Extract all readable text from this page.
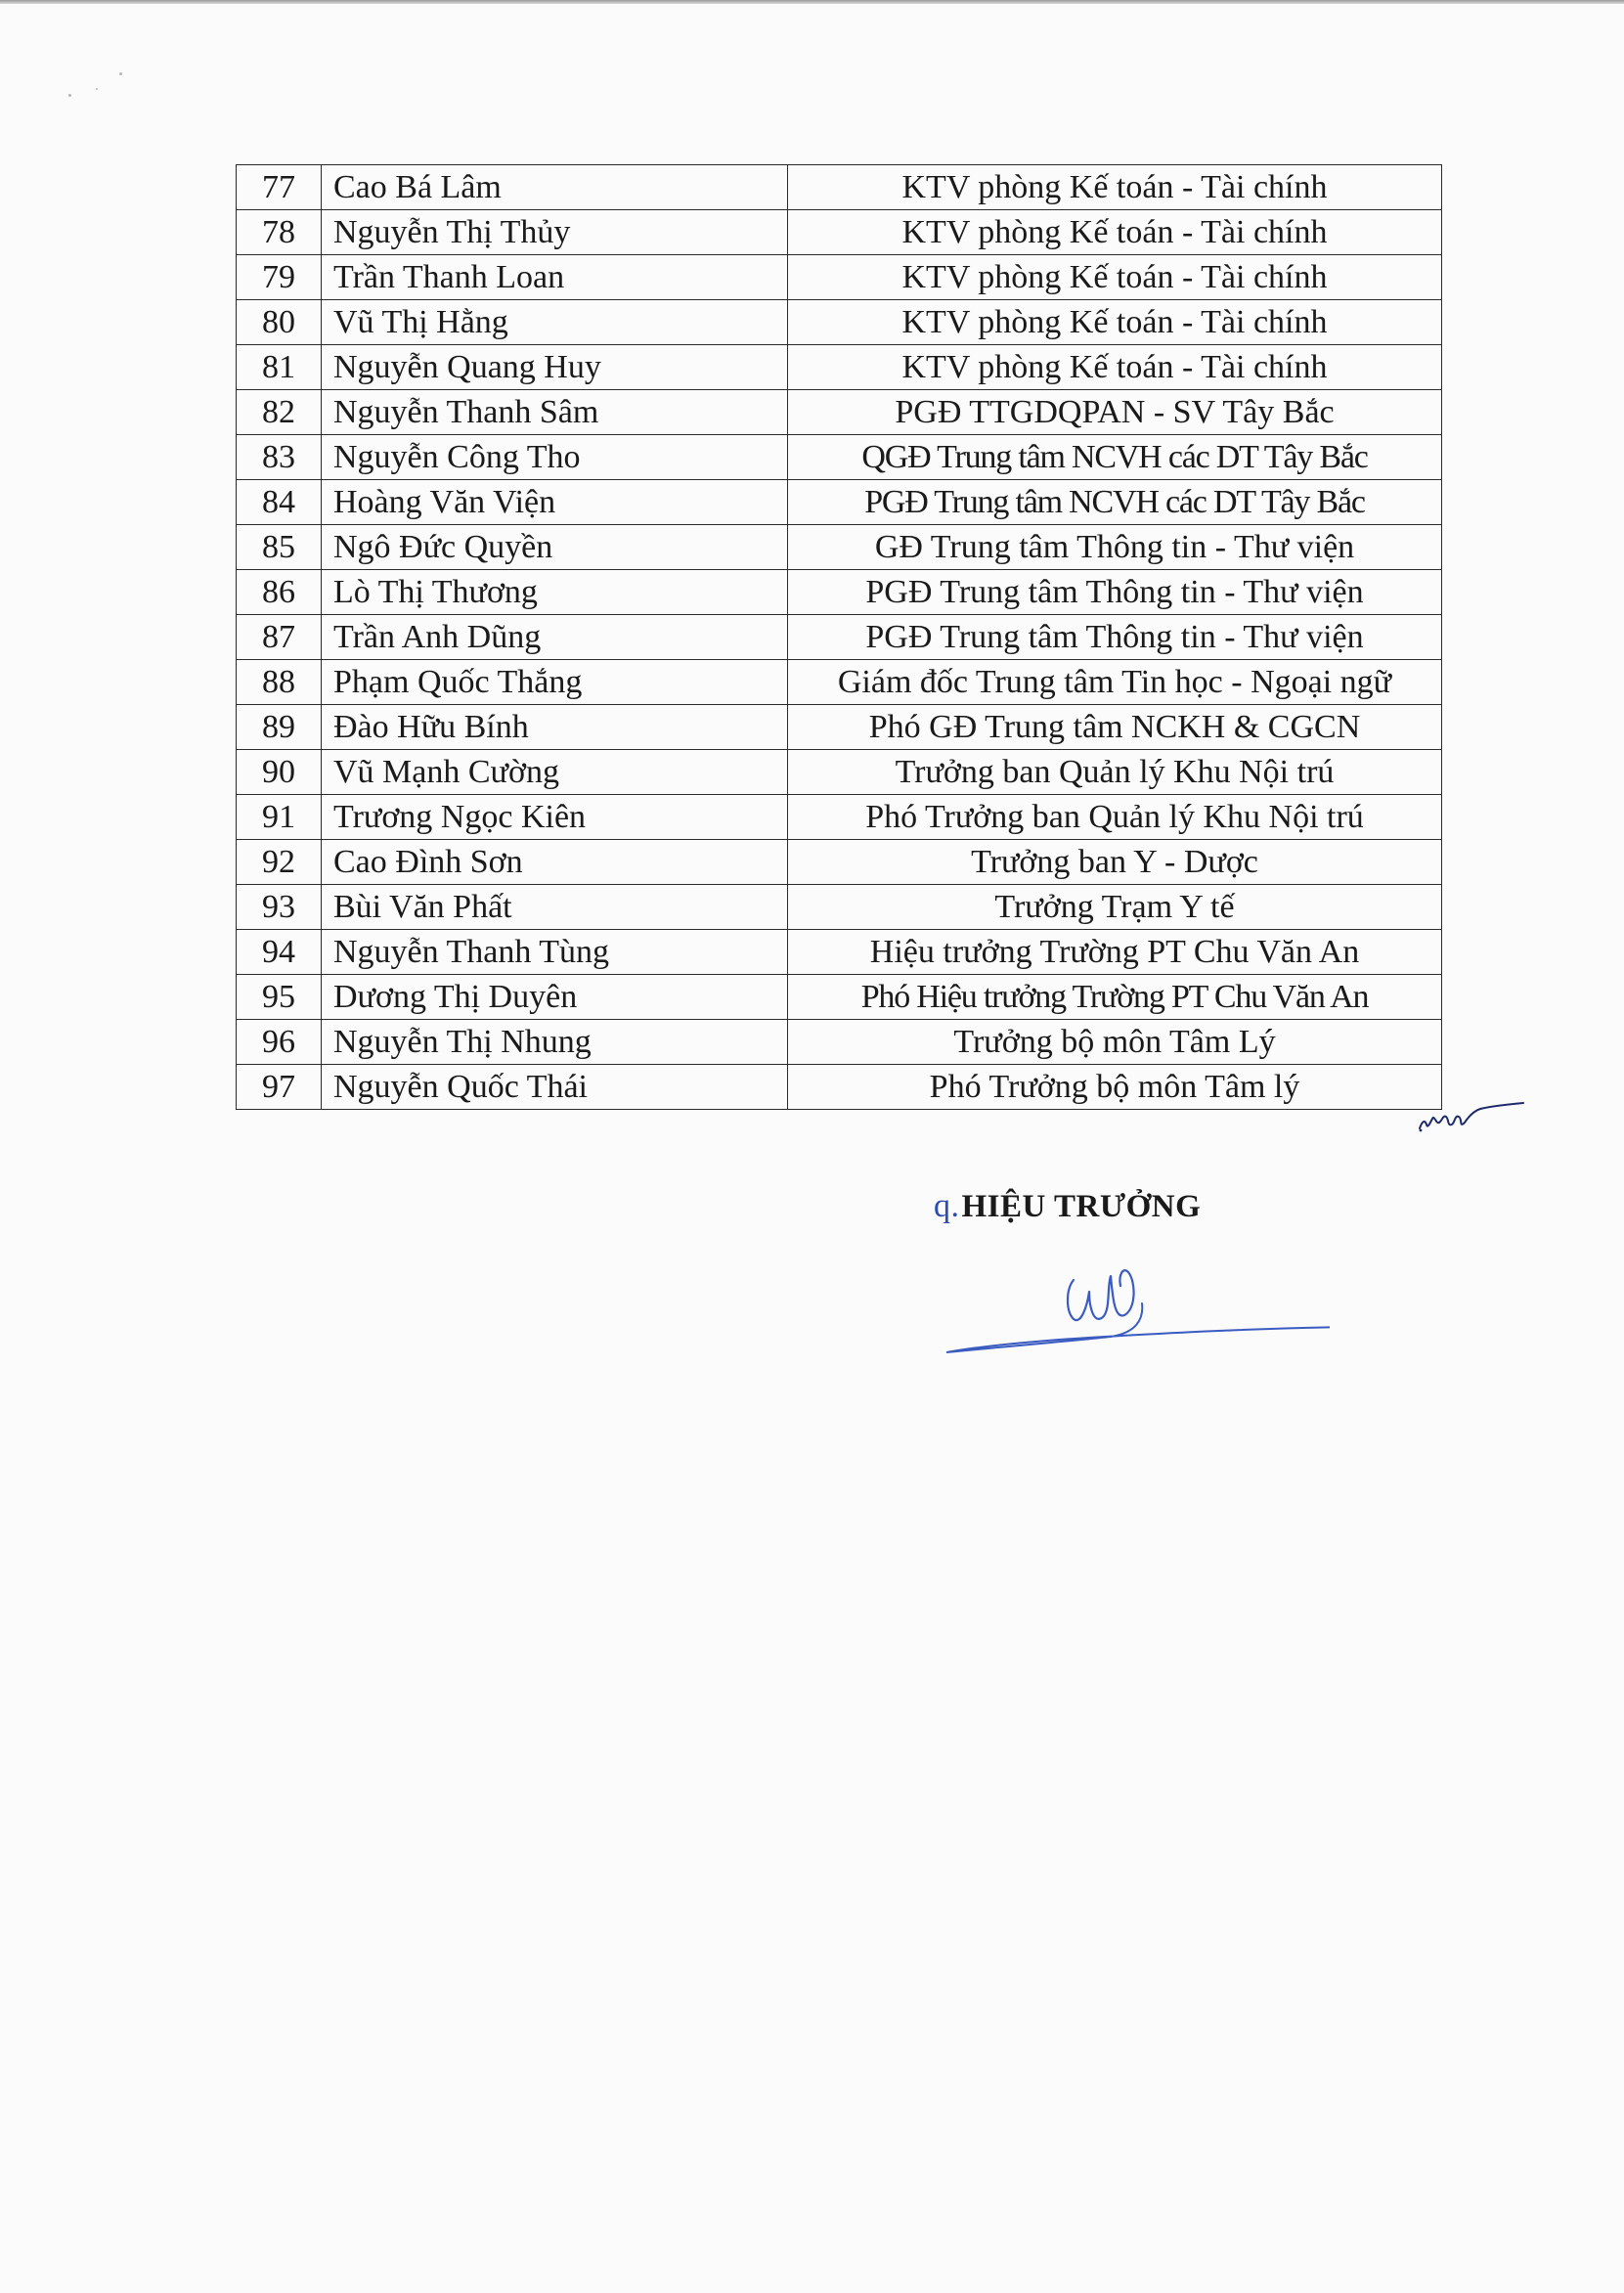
77	Cao Bá Lâm	KTV phòng Kế toán - Tài chính
78	Nguyễn Thị Thủy	KTV phòng Kế toán - Tài chính
79	Trần Thanh Loan	KTV phòng Kế toán - Tài chính
80	Vũ Thị Hằng	KTV phòng Kế toán - Tài chính
81	Nguyễn Quang Huy	KTV phòng Kế toán - Tài chính
82	Nguyễn Thanh Sâm	PGĐ TTGDQPAN - SV Tây Bắc
83	Nguyễn Công Tho	QGĐ Trung tâm NCVH các DT Tây Bắc
84	Hoàng Văn Viện	PGĐ Trung tâm NCVH các DT Tây Bắc
85	Ngô Đức Quyền	GĐ Trung tâm Thông tin - Thư viện
86	Lò Thị Thương	PGĐ Trung tâm Thông tin - Thư viện
87	Trần Anh Dũng	PGĐ Trung tâm Thông tin - Thư viện
88	Phạm Quốc Thắng	Giám đốc Trung tâm Tin học - Ngoại ngữ
89	Đào Hữu Bính	Phó GĐ Trung tâm NCKH & CGCN
90	Vũ Mạnh Cường	Trưởng ban Quản lý Khu Nội trú
91	Trương Ngọc Kiên	Phó Trưởng ban Quản lý Khu Nội trú
92	Cao Đình Sơn	Trưởng ban Y - Dược
93	Bùi Văn Phất	Trưởng Trạm Y tế
94	Nguyễn Thanh Tùng	Hiệu trưởng Trường PT Chu Văn An
95	Dương Thị Duyên	Phó Hiệu trưởng Trường PT Chu Văn An
96	Nguyễn Thị Nhung	Trưởng bộ môn Tâm Lý
97	Nguyễn Quốc Thái	Phó Trưởng bộ môn Tâm lý
q.HIỆU TRƯỞNG
